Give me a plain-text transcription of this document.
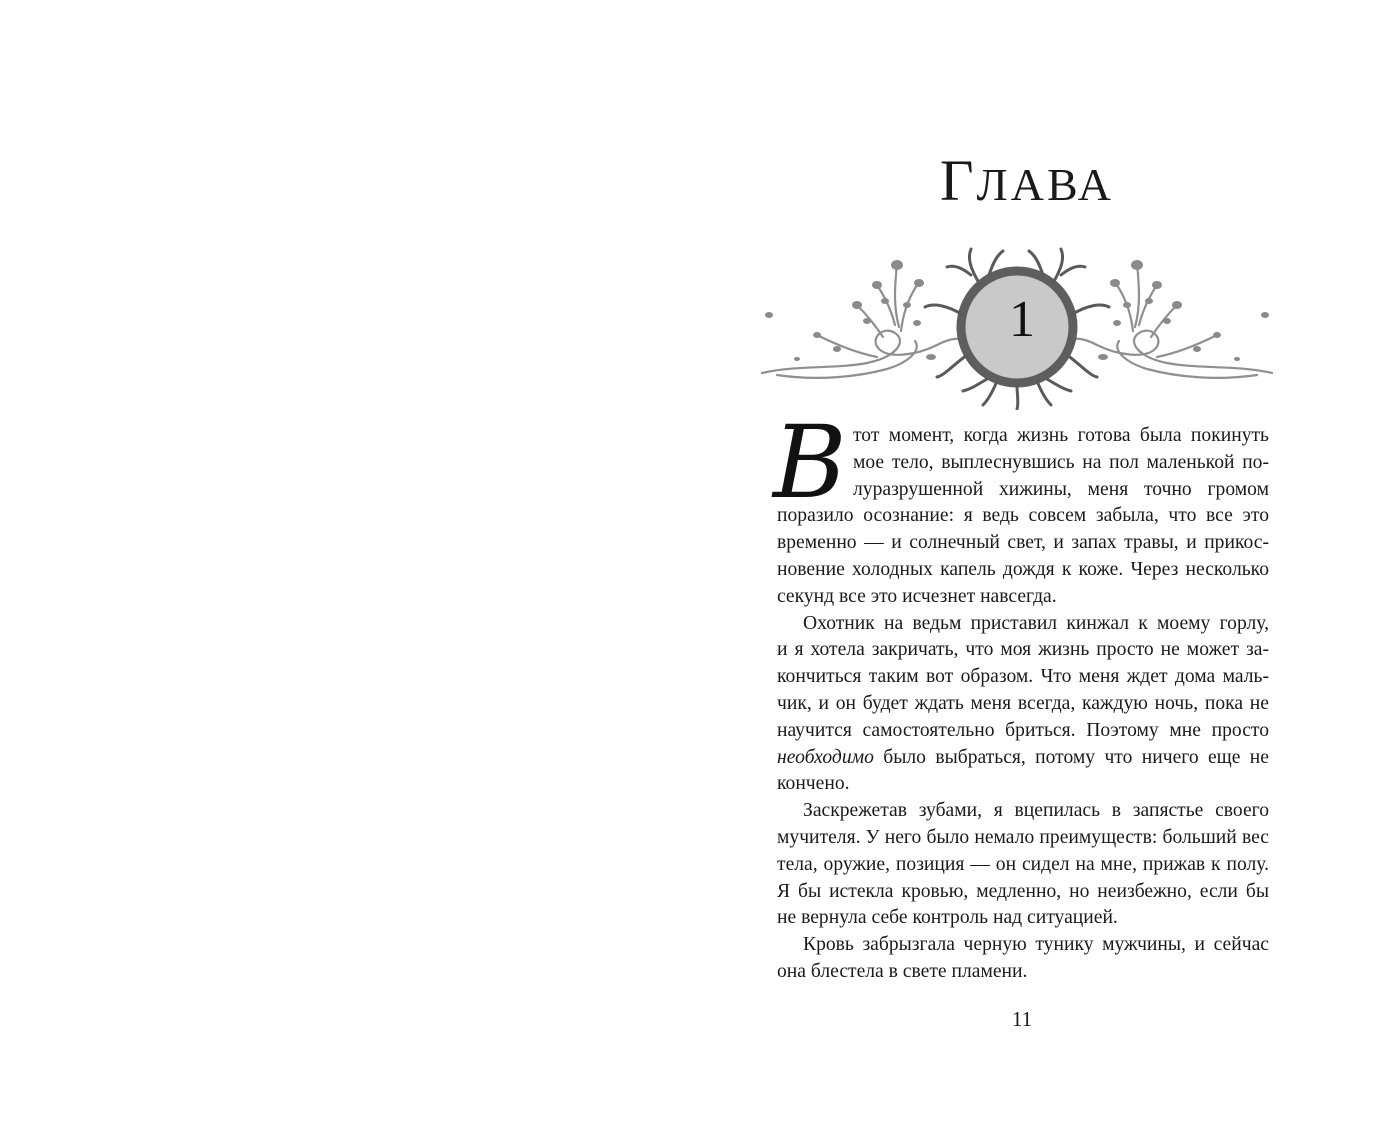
ГЛАВА
1
В тот момент, когда жизнь готова была покинуть
мое тело, выплеснувшись на пол маленькой по-
луразрушенной хижины, меня точно громом
поразило осознание: я ведь совсем забыла, что все это
временно — и солнечный свет, и запах травы, и прикос-
новение холодных капель дождя к коже. Через несколько
секунд все это исчезнет навсегда.
Охотник на ведьм приставил кинжал к моему горлу,
и я хотела закричать, что моя жизнь просто не может за-
кончиться таким вот образом. Что меня ждет дома маль-
чик, и он будет ждать меня всегда, каждую ночь, пока не
научится самостоятельно бриться. Поэтому мне просто
необходимо было выбраться, потому что ничего еще не
кончено.
Заскрежетав зубами, я вцепилась в запястье своего
мучителя. У него было немало преимуществ: больший вес
тела, оружие, позиция — он сидел на мне, прижав к полу.
Я бы истекла кровью, медленно, но неизбежно, если бы
не вернула себе контроль над ситуацией.
Кровь забрызгала черную тунику мужчины, и сейчас
она блестела в свете пламени.
11
